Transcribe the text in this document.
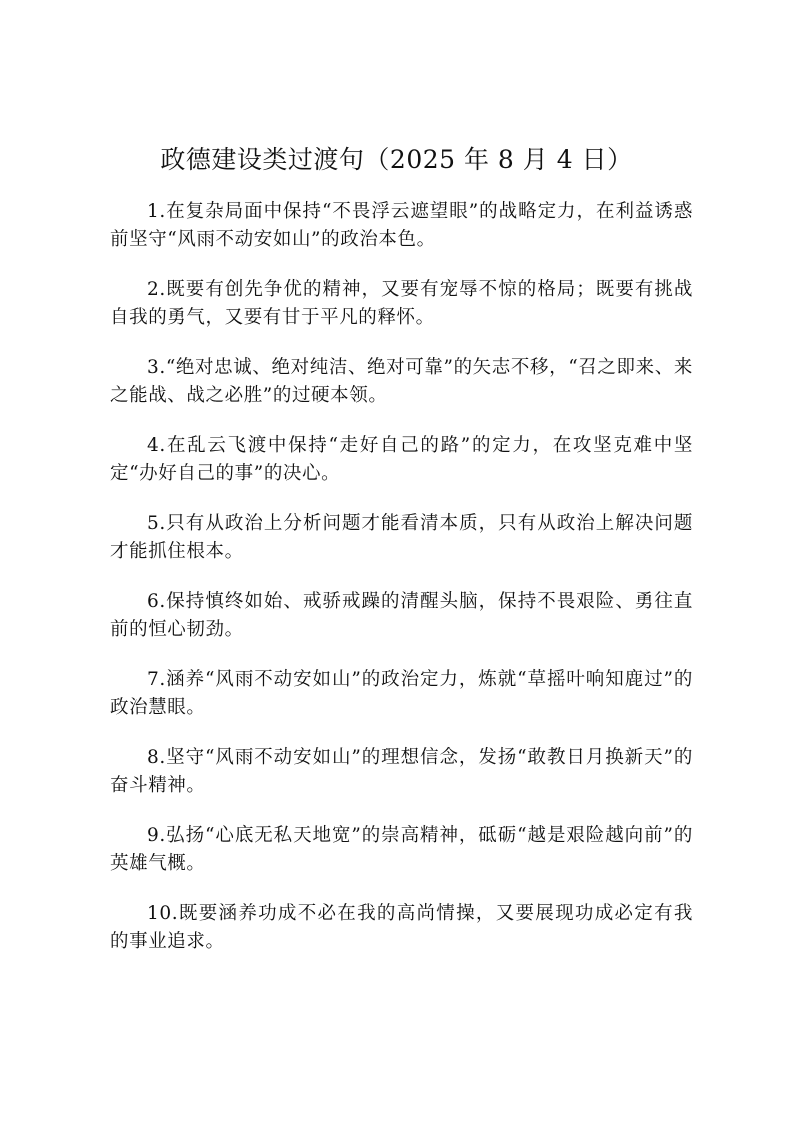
政德建设类过渡句（2025 年 8 月 4 日）

1.在复杂局面中保持“不畏浮云遮望眼”的战略定力，在利益诱惑前坚守“风雨不动安如山”的政治本色。

2.既要有创先争优的精神，又要有宠辱不惊的格局；既要有挑战自我的勇气，又要有甘于平凡的释怀。

3.“绝对忠诚、绝对纯洁、绝对可靠”的矢志不移，“召之即来、来之能战、战之必胜”的过硬本领。

4.在乱云飞渡中保持“走好自己的路”的定力，在攻坚克难中坚定“办好自己的事”的决心。

5.只有从政治上分析问题才能看清本质，只有从政治上解决问题才能抓住根本。

6.保持慎终如始、戒骄戒躁的清醒头脑，保持不畏艰险、勇往直前的恒心韧劲。

7.涵养“风雨不动安如山”的政治定力，炼就“草摇叶响知鹿过”的政治慧眼。

8.坚守“风雨不动安如山”的理想信念，发扬“敢教日月换新天”的奋斗精神。

9.弘扬“心底无私天地宽”的崇高精神，砥砺“越是艰险越向前”的英雄气概。

10.既要涵养功成不必在我的高尚情操，又要展现功成必定有我的事业追求。
